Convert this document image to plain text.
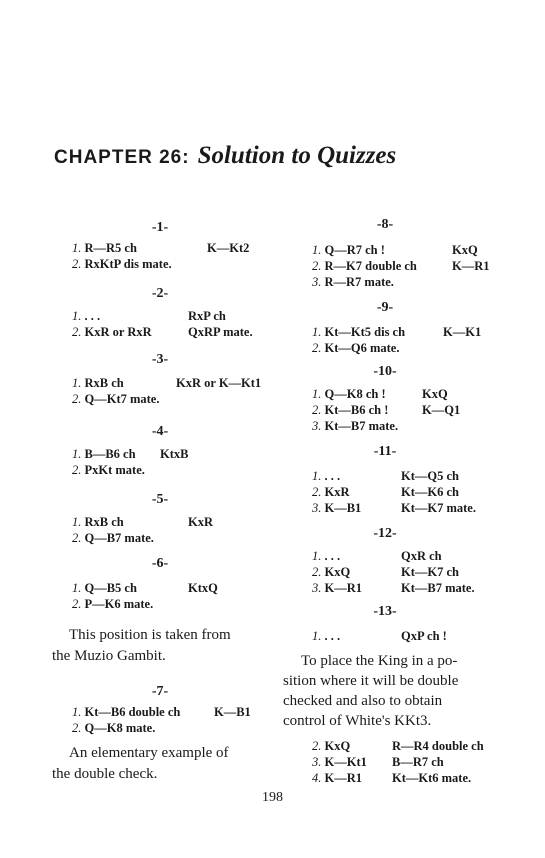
CHAPTER 26: Solution to Quizzes
-1-
1. R—R5 ch	K—Kt2
2. RxKtP dis mate.
-2-
1. . . .	RxP ch
2. KxR or RxR	QxRP mate.
-3-
1. RxB ch	KxR or K—Kt1
2. Q—Kt7 mate.
-4-
1. B—B6 ch KtxB
2. PxKt mate.
-5-
1. RxB ch	KxR
2. Q—B7 mate.
-6-
1. Q—B5 ch	KtxQ
2. P—K6 mate.
This position is taken from
the Muzio Gambit.
-7-
1. Kt—B6 double ch	K—B1
2. Q—K8 mate.
An elementary example of
the double check.
-8-
1. Q—R7 ch !	KxQ
2. R—K7 double ch	K—R1
3. R—R7 mate.
-9-
1. Kt—Kt5 dis ch	K—K1
2. Kt—Q6 mate.
-10-
1. Q—K8 ch !	KxQ
2. Kt—B6 ch !	K—Q1
3. Kt—B7 mate.
-11-
1. . . .	Kt—Q5 ch
2. KxR	Kt—K6 ch
3. K—B1	Kt—K7 mate.
-12-
1. . . .	QxR ch
2. KxQ	Kt—K7 ch
3. K—R1	Kt—B7 mate.
-13-
1. . . .	QxP ch !
To place the King in a po-
sition where it will be double
checked and also to obtain
control of White's KKt3.
2. KxQ	R—R4 double ch
3. K—Kt1 B—R7 ch
4. K—R1 Kt—Kt6 mate.
198
